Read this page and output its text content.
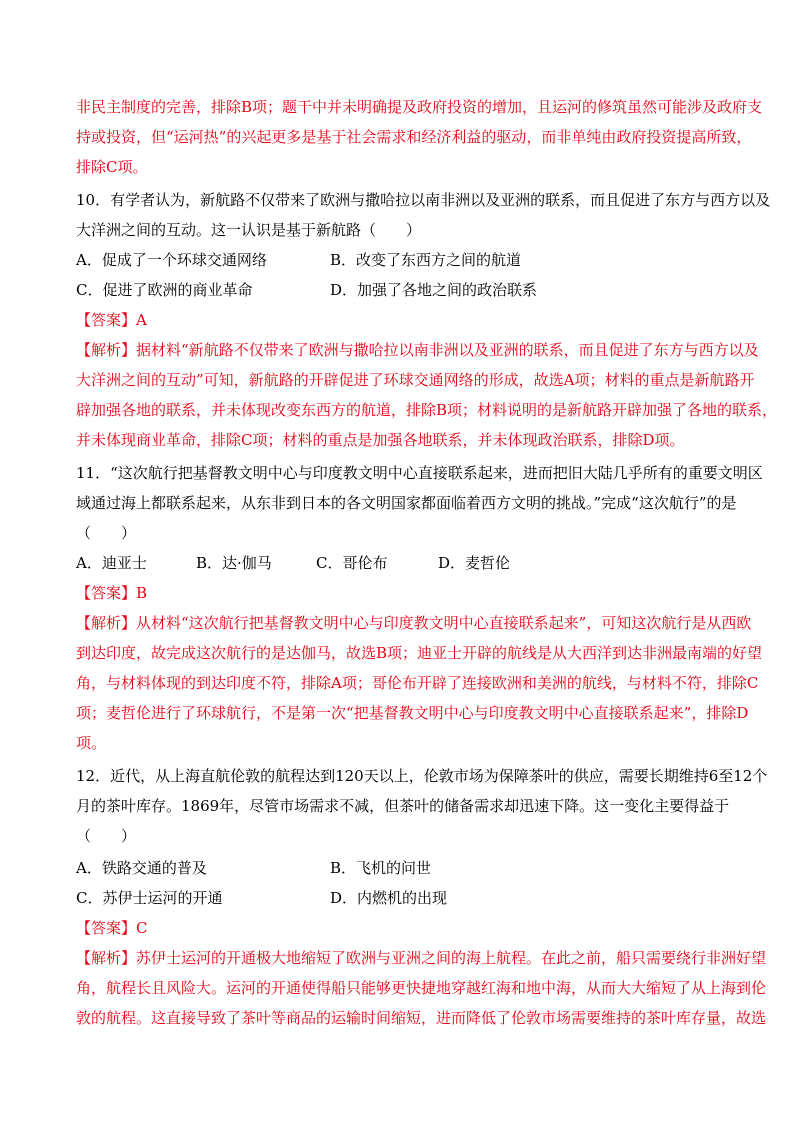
非民主制度的完善，排除B项；题干中并未明确提及政府投资的增加，且运河的修筑虽然可能涉及政府支
持或投资，但“运河热”的兴起更多是基于社会需求和经济利益的驱动，而非单纯由政府投资提高所致，
排除C项。
10．有学者认为，新航路不仅带来了欧洲与撒哈拉以南非洲以及亚洲的联系，而且促进了东方与西方以及
大洋洲之间的互动。这一认识是基于新航路（　　）
A．促成了一个环球交通网络	B．改变了东西方之间的航道
C．促进了欧洲的商业革命	D．加强了各地之间的政治联系
【答案】A
【解析】据材料“新航路不仅带来了欧洲与撒哈拉以南非洲以及亚洲的联系，而且促进了东方与西方以及
大洋洲之间的互动”可知，新航路的开辟促进了环球交通网络的形成，故选A项；材料的重点是新航路开
辟加强各地的联系，并未体现改变东西方的航道，排除B项；材料说明的是新航路开辟加强了各地的联系，
并未体现商业革命，排除C项；材料的重点是加强各地联系，并未体现政治联系，排除D项。
11．“这次航行把基督教文明中心与印度教文明中心直接联系起来，进而把旧大陆几乎所有的重要文明区
域通过海上都联系起来，从东非到日本的各文明国家都面临着西方文明的挑战。”完成“这次航行”的是
（　　）
A．迪亚士	B．达·伽马	C．哥伦布	D．麦哲伦
【答案】B
【解析】从材料“这次航行把基督教文明中心与印度教文明中心直接联系起来”，可知这次航行是从西欧
到达印度，故完成这次航行的是达伽马，故选B项；迪亚士开辟的航线是从大西洋到达非洲最南端的好望
角，与材料体现的到达印度不符，排除A项；哥伦布开辟了连接欧洲和美洲的航线，与材料不符，排除C
项；麦哲伦进行了环球航行，不是第一次“把基督教文明中心与印度教文明中心直接联系起来”，排除D
项。
12．近代，从上海直航伦敦的航程达到120天以上，伦敦市场为保障茶叶的供应，需要长期维持6至12个
月的茶叶库存。1869年，尽管市场需求不减，但茶叶的储备需求却迅速下降。这一变化主要得益于
（　　）
A．铁路交通的普及	B．飞机的问世
C．苏伊士运河的开通	D．内燃机的出现
【答案】C
【解析】苏伊士运河的开通极大地缩短了欧洲与亚洲之间的海上航程。在此之前，船只需要绕行非洲好望
角，航程长且风险大。运河的开通使得船只能够更快捷地穿越红海和地中海，从而大大缩短了从上海到伦
敦的航程。这直接导致了茶叶等商品的运输时间缩短，进而降低了伦敦市场需要维持的茶叶库存量，故选
